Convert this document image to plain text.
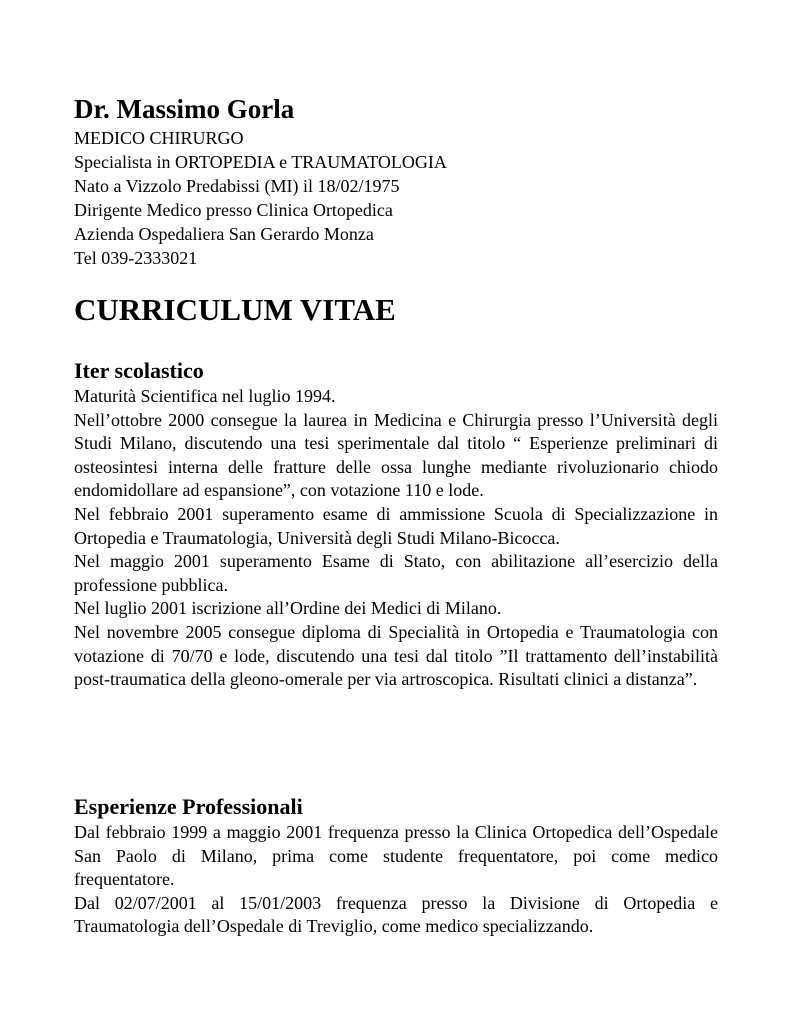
Dr. Massimo Gorla

MEDICO CHIRURGO

Specialista in ORTOPEDIA e TRAUMATOLOGIA

Nato a Vizzolo Predabissi (MI) il 18/02/1975

Dirigente Medico presso Clinica Ortopedica

Azienda Ospedaliera San Gerardo Monza

Tel 039-2333021

CURRICULUM VITAE
Iter scolastico

Maturità Scientifica nel luglio 1994.

Nell’ottobre 2000 consegue la laurea in Medicina e Chirurgia presso l’Università degli Studi Milano, discutendo una tesi sperimentale dal titolo “ Esperienze preliminari di osteosintesi interna delle fratture delle ossa lunghe mediante rivoluzionario chiodo endomidollare ad espansione”, con votazione 110 e lode.

Nel febbraio 2001 superamento esame di ammissione Scuola di Specializzazione in Ortopedia e Traumatologia, Università degli Studi Milano-Bicocca.

Nel maggio 2001 superamento Esame di Stato, con abilitazione all’esercizio della professione pubblica.

Nel luglio 2001 iscrizione all’Ordine dei Medici di Milano.

Nel novembre 2005 consegue diploma di Specialità in Ortopedia e Traumatologia con votazione di 70/70 e lode, discutendo una tesi dal titolo ”Il trattamento dell’instabilità post-traumatica della gleono-omerale per via artroscopica. Risultati clinici a distanza”.

Esperienze Professionali

Dal febbraio 1999 a maggio 2001 frequenza presso la Clinica Ortopedica dell’Ospedale San Paolo di Milano, prima come studente frequentatore, poi come medico frequentatore.

Dal 02/07/2001 al 15/01/2003 frequenza presso la Divisione di Ortopedia e Traumatologia dell’Ospedale di Treviglio, come medico specializzando.
